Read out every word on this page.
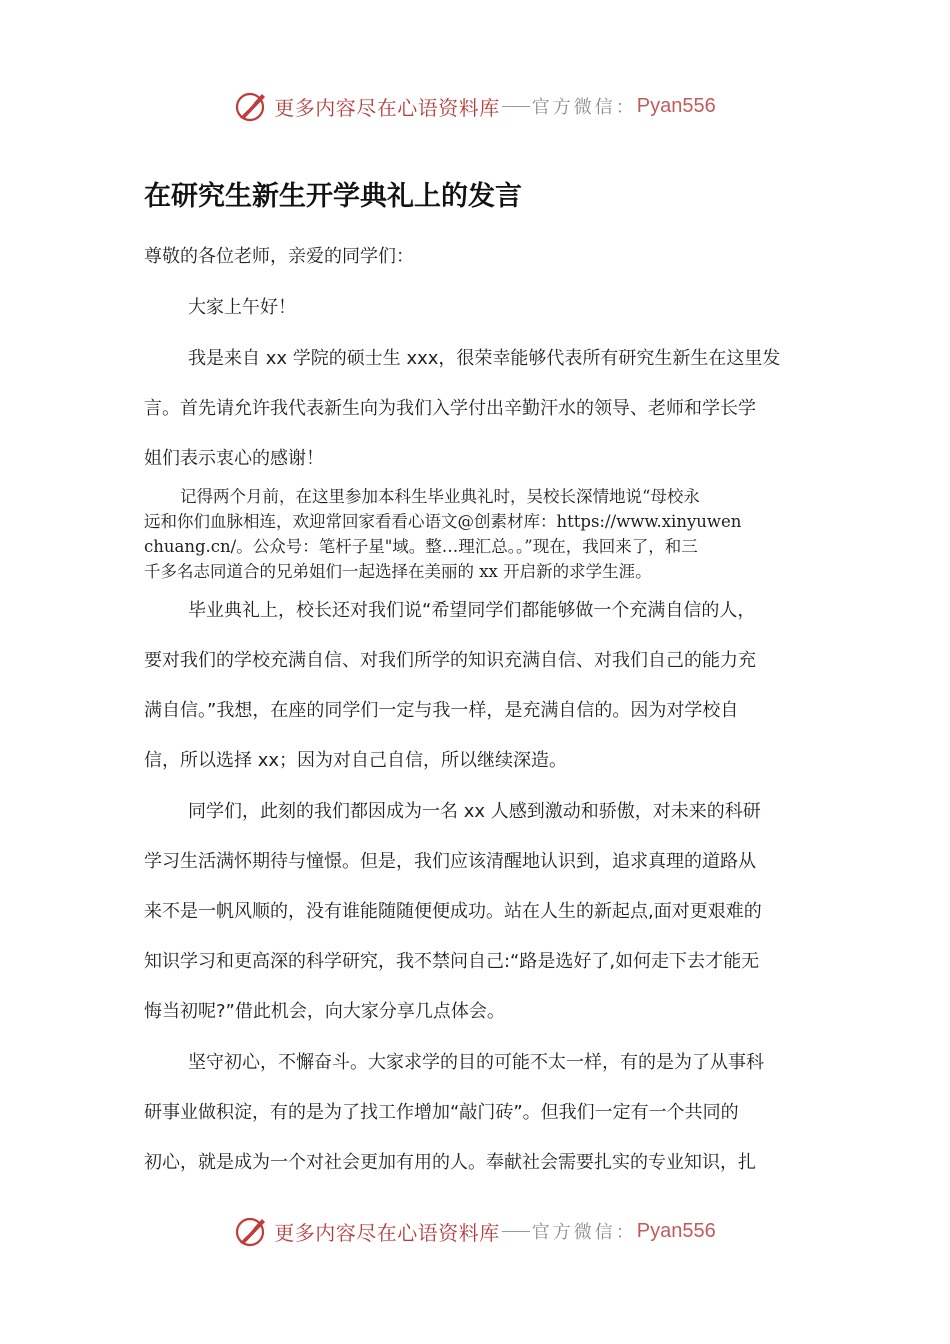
更多内容尽在心语资料库 官方微信： Pyan556
在研究生新生开学典礼上的发言
尊敬的各位老师，亲爱的同学们：
大家上午好！
我是来自 xx 学院的硕士生 xxx，很荣幸能够代表所有研究生新生在这里发
言。首先请允许我代表新生向为我们入学付出辛勤汗水的领导、老师和学长学
姐们表示衷心的感谢！
记得两个月前，在这里参加本科生毕业典礼时，吴校长深情地说“母校永
远和你们血脉相连，欢迎常回家看看心语文@创素材库：https://www.xinyuwen
chuang.cn/。公众号：笔杆子星"域。整…理汇总。。”现在，我回来了，和三
千多名志同道合的兄弟姐们一起选择在美丽的 xx 开启新的求学生涯。
毕业典礼上，校长还对我们说“希望同学们都能够做一个充满自信的人，
要对我们的学校充满自信、对我们所学的知识充满自信、对我们自己的能力充
满自信。”我想，在座的同学们一定与我一样，是充满自信的。因为对学校自
信，所以选择 xx；因为对自己自信，所以继续深造。
同学们，此刻的我们都因成为一名 xx 人感到激动和骄傲，对未来的科研
学习生活满怀期待与憧憬。但是，我们应该清醒地认识到，追求真理的道路从
来不是一帆风顺的，没有谁能随随便便成功。站在人生的新起点,面对更艰难的
知识学习和更高深的科学研究，我不禁问自己:“路是选好了,如何走下去才能无
悔当初呢?”借此机会，向大家分享几点体会。
坚守初心，不懈奋斗。大家求学的目的可能不太一样，有的是为了从事科
研事业做积淀，有的是为了找工作增加“敲门砖”。但我们一定有一个共同的
初心，就是成为一个对社会更加有用的人。奉献社会需要扎实的专业知识，扎
更多内容尽在心语资料库 官方微信： Pyan556
